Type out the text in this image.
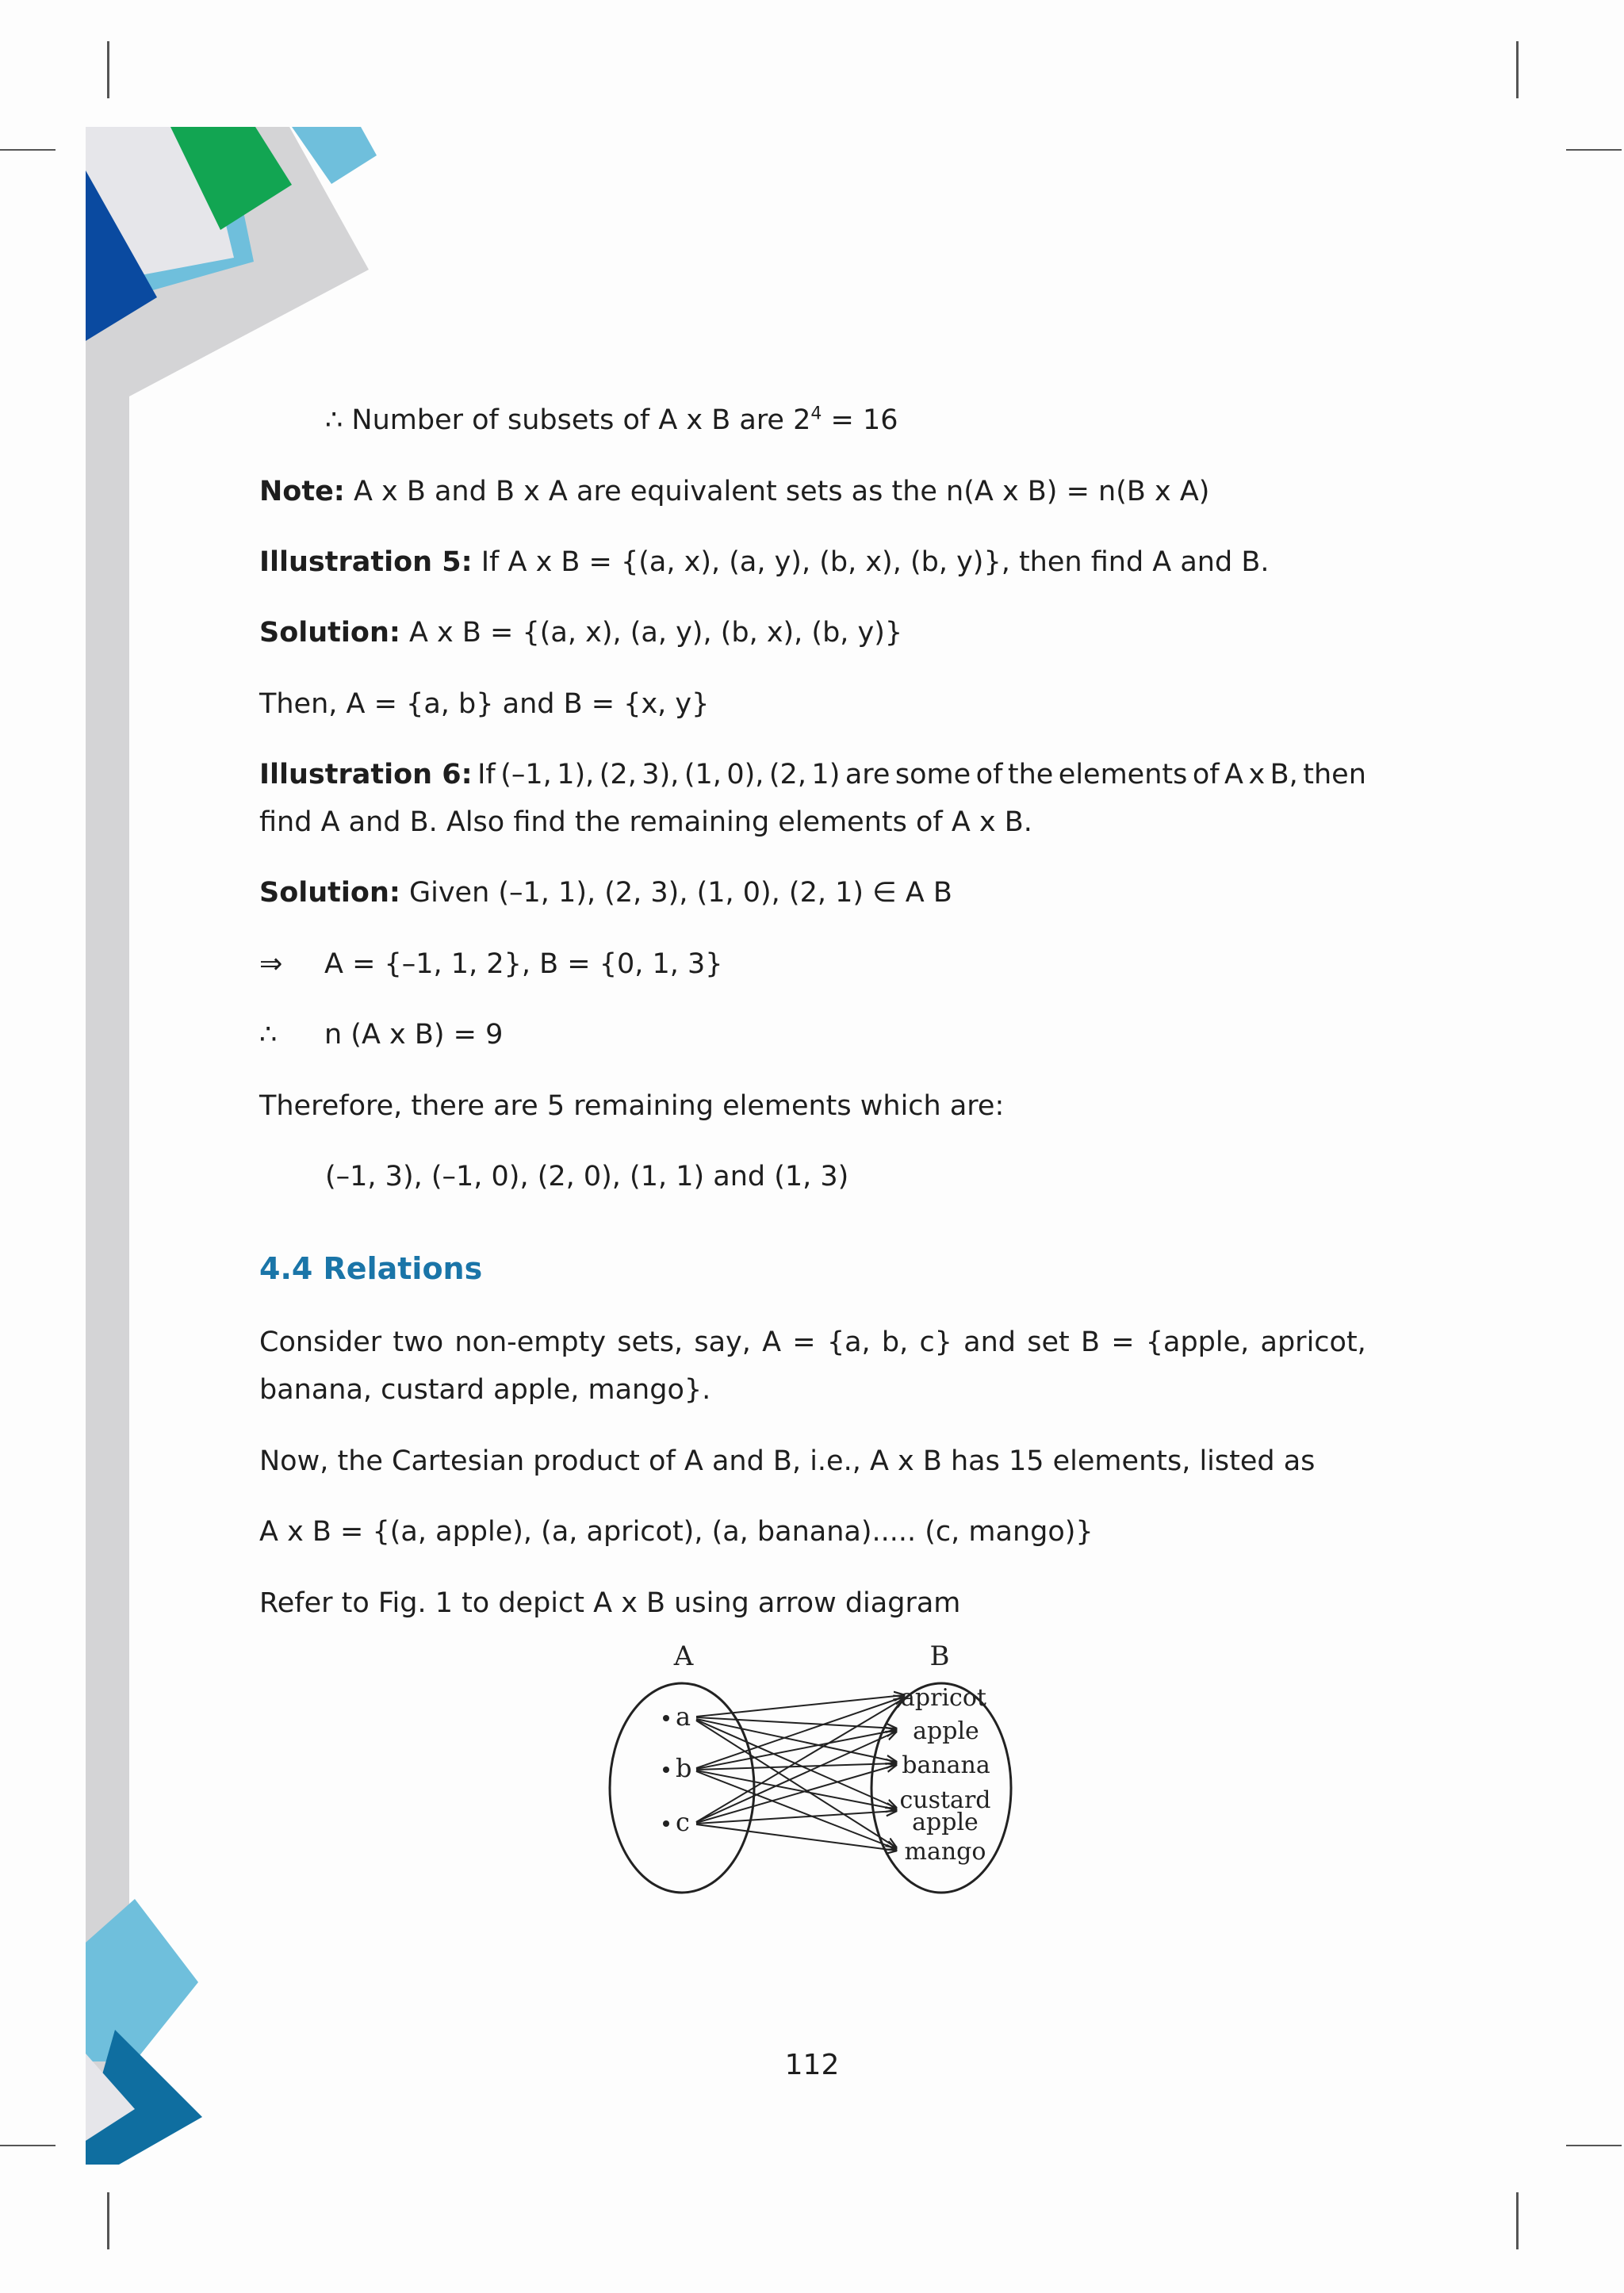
∴ Number of subsets of A x B are $2^4 = 16$
Note: A x B and B x A are equivalent sets as the n(A x B) = n(B x A)
Illustration 5: If A x B = {(a, x), (a, y), (b, x), (b, y)}, then find A and B.
Solution: A x B = {(a, x), (a, y), (b, x), (b, y)}
Then, A = {a, b} and B = {x, y}
Illustration 6: If (–1, 1), (2, 3), (1, 0), (2, 1) are some of the elements of A x B, then
find A and B. Also find the remaining elements of A x B.
Solution: Given (–1, 1), (2, 3), (1, 0), (2, 1) ∈ A B
⇒ A = {–1, 1, 2}, B = {0, 1, 3}
∴ n (A x B) = 9
Therefore, there are 5 remaining elements which are:
(–1, 3), (–1, 0), (2, 0), (1, 1) and (1, 3)
4.4 Relations
Consider two non-empty sets, say, A = {a, b, c} and set B = {apple, apricot,
banana, custard apple, mango}.
Now, the Cartesian product of A and B, i.e., A x B has 15 elements, listed as
A x B = {(a, apple), (a, apricot), (a, banana)..... (c, mango)}
Refer to Fig. 1 to depict A x B using arrow diagram
A	B
a
b
c
apricot
apple
banana
custard
apple
mango
112
